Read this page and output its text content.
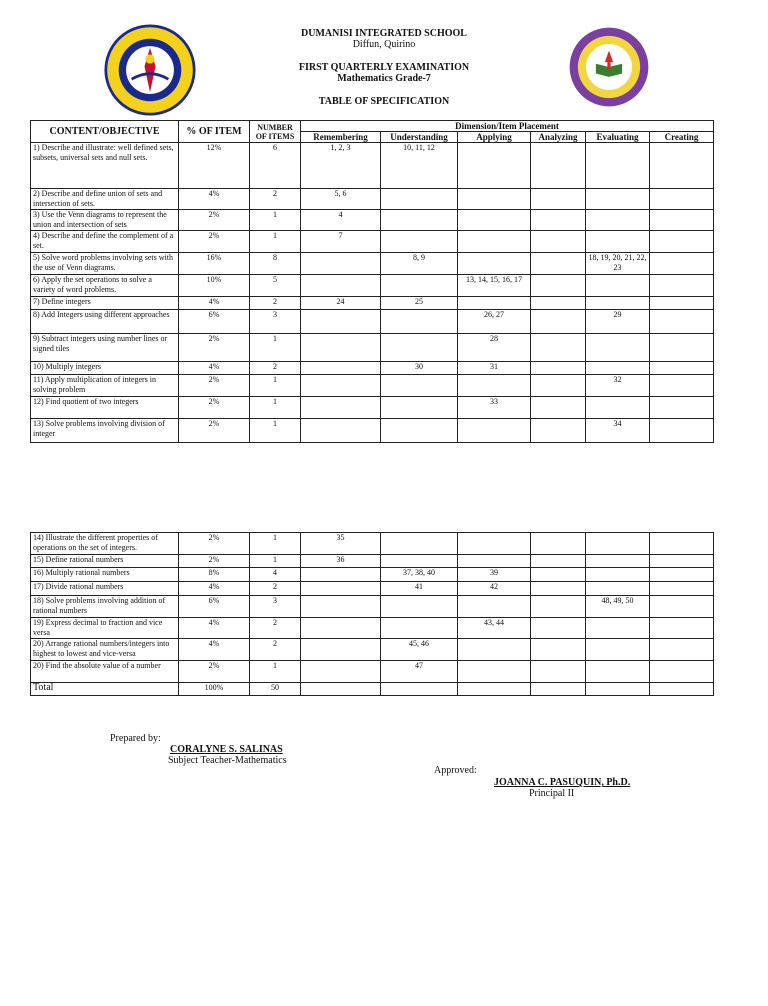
DUMANISI INTEGRATED SCHOOL
Diffun, Quirino
FIRST QUARTERLY EXAMINATION
Mathematics Grade-7
TABLE OF SPECIFICATION
CONTENT/OBJECTIVE	% OF ITEM	NUMBER OF ITEMS	Dimension/Item Placement					
			Remembering	Understanding	Applying	Analyzing	Evaluating	Creating
1) Describe and illustrate: well defined sets, subsets, universal sets and null sets.	12%	6	1, 2, 3	10, 11, 12				
2) Describe and define union of sets and intersection of sets.	4%	2	5, 6					
3) Use the Venn diagrams to represent the union and intersection of sets	2%	1	4					
4) Describe and define the complement of a set.	2%	1	7					
5) Solve word problems involving sets with the use of Venn diagrams.	16%	8		8, 9			18, 19, 20, 21, 22, 23	
6) Apply the set operations to solve a variety of word problems.	10%	5			13, 14, 15, 16, 17			
7) Define integers	4%	2	24	25				
8) Add Integers using different approaches	6%	3			26, 27		29	
9) Subtract integers using number lines or signed tiles	2%	1			28			
10) Multiply integers	4%	2		30	31			
11) Apply multiplication of integers in solving problem	2%	1					32	
12) Find quotient of two integers	2%	1			33			
13) Solve problems involving division of integer	2%	1					34	
14) Illustrate the different properties of operations on the set of integers.	2%	1	35					
15) Define rational numbers	2%	1	36					
16) Multiply rational numbers	8%	4		37, 38, 40	39			
17) Divide rational numbers	4%	2		41	42			
18) Solve problems involving addition of rational numbers	6%	3					48, 49, 50	
19) Express decimal to fraction and vice versa	4%	2			43, 44			
20) Arrange rational numbers/integers into highest to lowest and vice-versa	4%	2		45, 46				
20) Find the absolute value of a number	2%	1		47				
Total	100%	50						
Prepared by:
CORALYNE S. SALINAS
Subject Teacher-Mathematics
Approved:
JOANNA C. PASUQUIN, Ph.D.
Principal II
